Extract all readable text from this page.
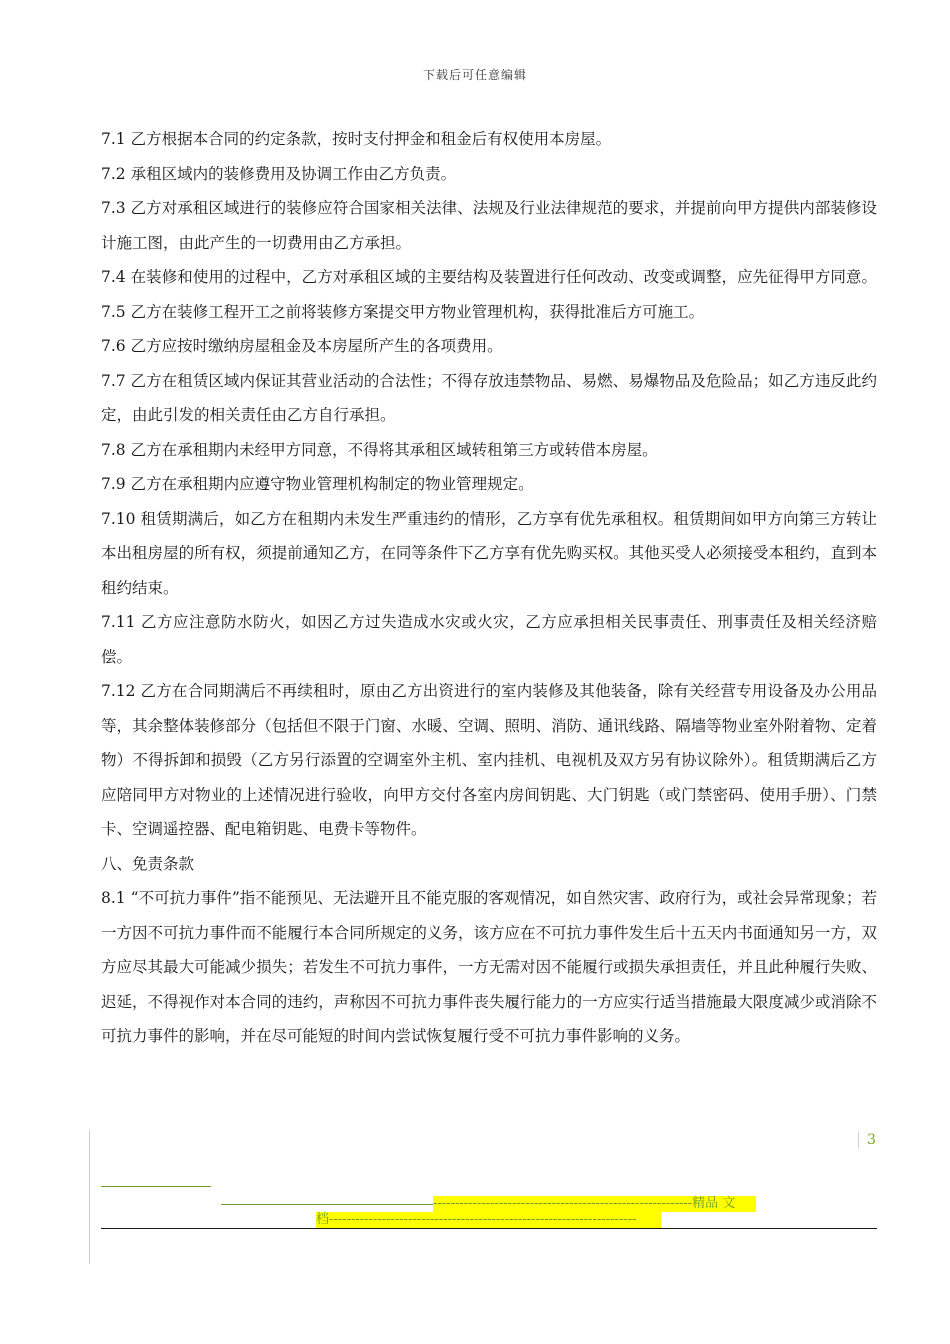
下载后可任意编辑

7.1 乙方根据本合同的约定条款，按时支付押金和租金后有权使用本房屋。

7.2 承租区域内的装修费用及协调工作由乙方负责。

7.3 乙方对承租区域进行的装修应符合国家相关法律、法规及行业法律规范的要求，并提前向甲方提供内部装修设计施工图，由此产生的一切费用由乙方承担。

7.4 在装修和使用的过程中，乙方对承租区域的主要结构及装置进行任何改动、改变或调整，应先征得甲方同意。7.5 乙方在装修工程开工之前将装修方案提交甲方物业管理机构，获得批准后方可施工。

7.6 乙方应按时缴纳房屋租金及本房屋所产生的各项费用。

7.7 乙方在租赁区域内保证其营业活动的合法性；不得存放违禁物品、易燃、易爆物品及危险品；如乙方违反此约定，由此引发的相关责任由乙方自行承担。

7.8 乙方在承租期内未经甲方同意，不得将其承租区域转租第三方或转借本房屋。

7.9 乙方在承租期内应遵守物业管理机构制定的物业管理规定。

7.10 租赁期满后，如乙方在租期内未发生严重违约的情形，乙方享有优先承租权。租赁期间如甲方向第三方转让本出租房屋的所有权，须提前通知乙方，在同等条件下乙方享有优先购买权。其他买受人必须接受本租约，直到本租约结束。

7.11 乙方应注意防水防火，如因乙方过失造成水灾或火灾，乙方应承担相关民事责任、刑事责任及相关经济赔偿。

7.12 乙方在合同期满后不再续租时，原由乙方出资进行的室内装修及其他装备，除有关经营专用设备及办公用品等，其余整体装修部分（包括但不限于门窗、水暖、空调、照明、消防、通讯线路、隔墙等物业室外附着物、定着物）不得拆卸和损毁（乙方另行添置的空调室外主机、室内挂机、电视机及双方另有协议除外）。租赁期满后乙方应陪同甲方对物业的上述情况进行验收，向甲方交付各室内房间钥匙、大门钥匙（或门禁密码、使用手册）、门禁卡、空调遥控器、配电箱钥匙、电费卡等物件。

八、免责条款

8.1 “不可抗力事件”指不能预见、无法避开且不能克服的客观情况，如自然灾害、政府行为，或社会异常现象；若一方因不可抗力事件而不能履行本合同所规定的义务，该方应在不可抗力事件发生后十五天内书面通知另一方，双方应尽其最大可能减少损失；若发生不可抗力事件，一方无需对因不能履行或损失承担责任，并且此种履行失败、迟延，不得视作对本合同的违约，声称因不可抗力事件丧失履行能力的一方应实行适当措施最大限度减少或消除不可抗力事件的影响，并在尽可能短的时间内尝试恢复履行受不可抗力事件影响的义务。

3
-----------------------------------------------------------精品 文
档----------------------------------------------------------------------
